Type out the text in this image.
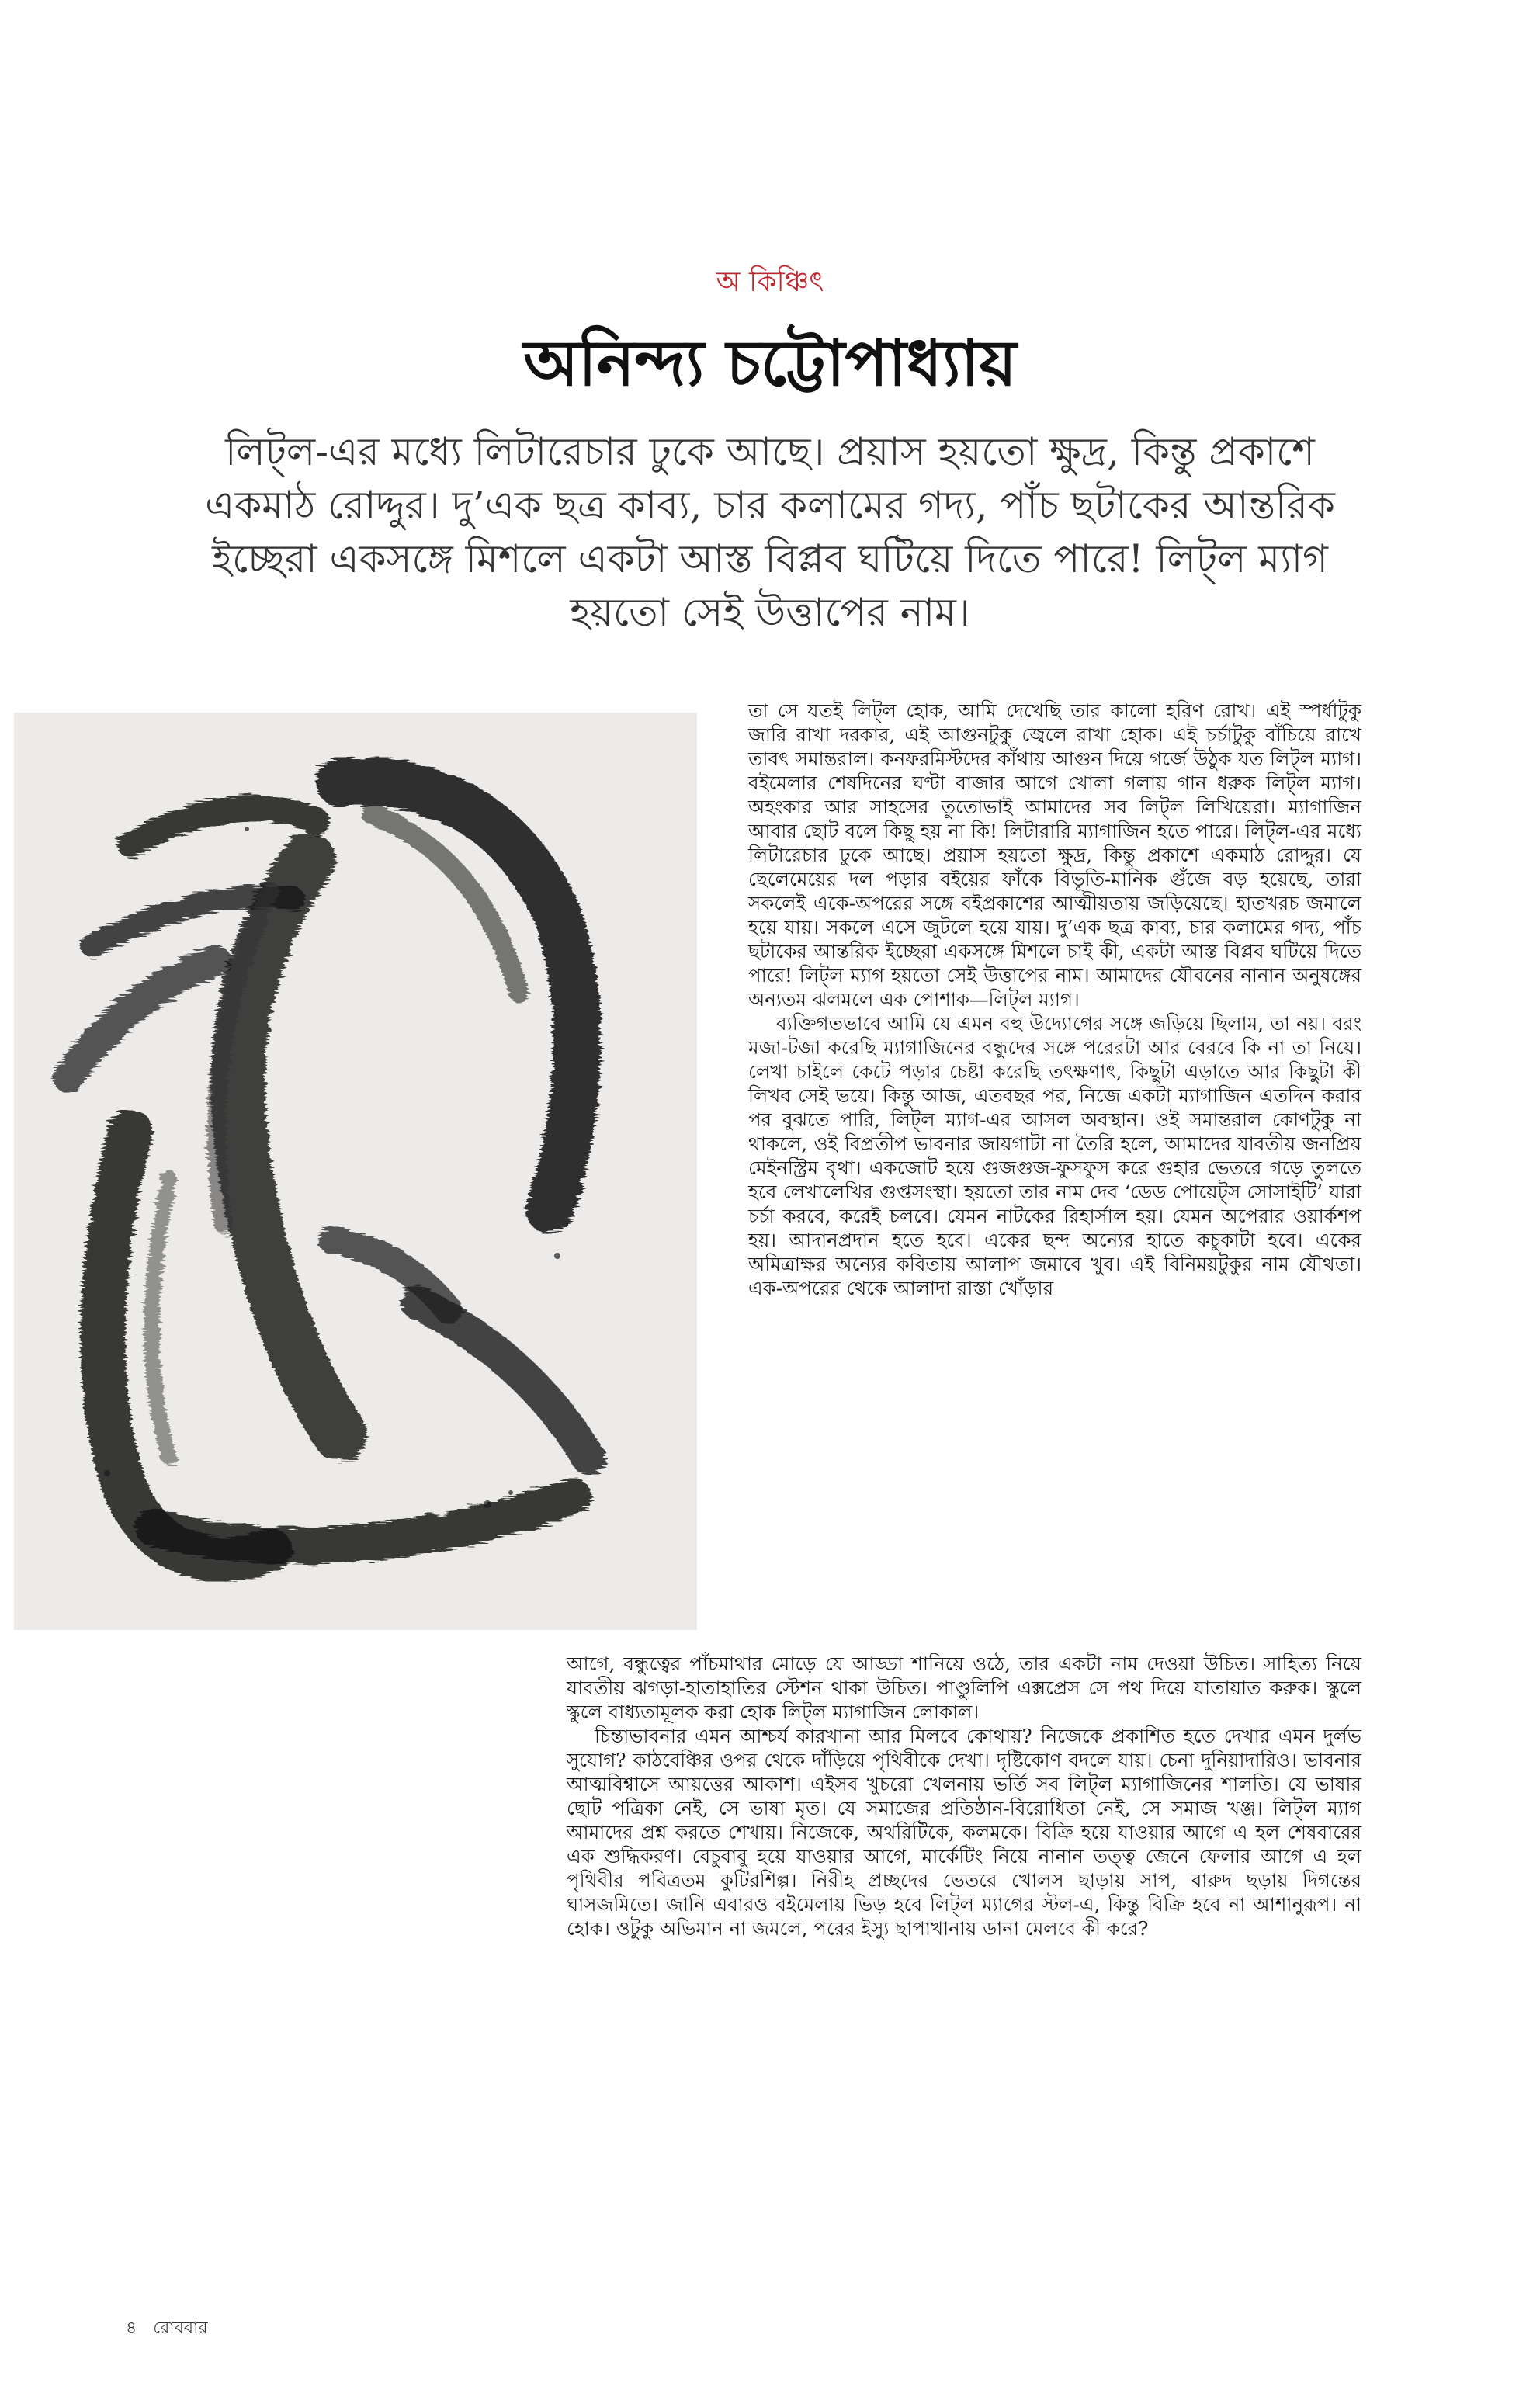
অ কিঞ্চিৎ
অনিন্দ্য চট্টোপাধ্যায়
লিট্‌ল-এর মধ্যে লিটারেচার ঢুকে আছে। প্রয়াস হয়তো ক্ষুদ্র, কিন্তু প্রকাশে একমাঠ রোদ্দুর। দু’এক ছত্র কাব্য, চার কলামের গদ্য, পাঁচ ছটাকের আন্তরিক ইচ্ছেরা একসঙ্গে মিশলে একটা আস্ত বিপ্লব ঘটিয়ে দিতে পারে! লিট্‌ল ম্যাগ হয়তো সেই উত্তাপের নাম।

তা সে যতই লিট্‌ল হোক, আমি দেখেছি তার কালো হরিণ রোখ। এই স্পর্ধাটুকু জারি রাখা দরকার, এই আগুনটুকু জ্বেলে রাখা হোক। এই চর্চাটুকু বাঁচিয়ে রাখে তাবৎ সমান্তরাল। কনফরমিস্টদের কাঁথায় আগুন দিয়ে গর্জে উঠুক যত লিট্‌ল ম্যাগ। বইমেলার শেষদিনের ঘণ্টা বাজার আগে খোলা গলায় গান ধরুক লিট্‌ল ম্যাগ। অহংকার আর সাহসের তুতোভাই আমাদের সব লিট্‌ল লিখিয়েরা। ম্যাগাজিন আবার ছোট বলে কিছু হয় না কি! লিটারারি ম্যাগাজিন হতে পারে। লিট্‌ল-এর মধ্যে লিটারেচার ঢুকে আছে। প্রয়াস হয়তো ক্ষুদ্র, কিন্তু প্রকাশে একমাঠ রোদ্দুর। যে ছেলেমেয়ের দল পড়ার বইয়ের ফাঁকে বিভূতি-মানিক গুঁজে বড় হয়েছে, তারা সকলেই একে-অপরের সঙ্গে বইপ্রকাশের আত্মীয়তায় জড়িয়েছে। হাতখরচ জমালে হয়ে যায়। সকলে এসে জুটলে হয়ে যায়। দু’এক ছত্র কাব্য, চার কলামের গদ্য, পাঁচ ছটাকের আন্তরিক ইচ্ছেরা একসঙ্গে মিশলে চাই কী, একটা আস্ত বিপ্লব ঘটিয়ে দিতে পারে! লিট্‌ল ম্যাগ হয়তো সেই উত্তাপের নাম। আমাদের যৌবনের নানান অনুষঙ্গের অন্যতম ঝলমলে এক পোশাক—লিট্‌ল ম্যাগ।

ব্যক্তিগতভাবে আমি যে এমন বহু উদ্যোগের সঙ্গে জড়িয়ে ছিলাম, তা নয়। বরং মজা-টজা করেছি ম্যাগাজিনের বন্ধুদের সঙ্গে পরেরটা আর বেরবে কি না তা নিয়ে। লেখা চাইলে কেটে পড়ার চেষ্টা করেছি তৎক্ষণাৎ, কিছুটা এড়াতে আর কিছুটা কী লিখব সেই ভয়ে। কিন্তু আজ, এতবছর পর, নিজে একটা ম্যাগাজিন এতদিন করার পর বুঝতে পারি, লিট্‌ল ম্যাগ-এর আসল অবস্থান। ওই সমান্তরাল কোণটুকু না থাকলে, ওই বিপ্রতীপ ভাবনার জায়গাটা না তৈরি হলে, আমাদের যাবতীয় জনপ্রিয় মেইনস্ট্রিম বৃথা। একজোট হয়ে গুজগুজ-ফুসফুস করে গুহার ভেতরে গড়ে তুলতে হবে লেখালেখির গুপ্তসংস্থা। হয়তো তার নাম দেব ‘ডেড পোয়েট্‌স সোসাইটি’ যারা চর্চা করবে, করেই চলবে। যেমন নাটকের রিহার্সাল হয়। যেমন অপেরার ওয়ার্কশপ হয়। আদানপ্রদান হতে হবে। একের ছন্দ অন্যের হাতে কচুকাটা হবে। একের অমিত্রাক্ষর অন্যের কবিতায় আলাপ জমাবে খুব। এই বিনিময়টুকুর নাম যৌথতা। এক-অপরের থেকে আলাদা রাস্তা খোঁড়ার

আগে, বন্ধুত্বের পাঁচমাথার মোড়ে যে আড্ডা শানিয়ে ওঠে, তার একটা নাম দেওয়া উচিত। সাহিত্য নিয়ে যাবতীয় ঝগড়া-হাতাহাতির স্টেশন থাকা উচিত। পাণ্ডুলিপি এক্সপ্রেস সে পথ দিয়ে যাতায়াত করুক। স্কুলে স্কুলে বাধ্যতামূলক করা হোক লিট্‌ল ম্যাগাজিন লোকাল।

চিন্তাভাবনার এমন আশ্চর্য কারখানা আর মিলবে কোথায়? নিজেকে প্রকাশিত হতে দেখার এমন দুর্লভ সুযোগ? কাঠবেঞ্চির ওপর থেকে দাঁড়িয়ে পৃথিবীকে দেখা। দৃষ্টিকোণ বদলে যায়। চেনা দুনিয়াদারিও। ভাবনার আত্মবিশ্বাসে আয়ত্তের আকাশ। এইসব খুচরো খেলনায় ভর্তি সব লিট্‌ল ম্যাগাজিনের শালতি। যে ভাষার ছোট পত্রিকা নেই, সে ভাষা মৃত। যে সমাজের প্রতিষ্ঠান-বিরোধিতা নেই, সে সমাজ খঞ্জ। লিট্‌ল ম্যাগ আমাদের প্রশ্ন করতে শেখায়। নিজেকে, অথরিটিকে, কলমকে। বিক্রি হয়ে যাওয়ার আগে এ হল শেষবারের এক শুদ্ধিকরণ। বেচুবাবু হয়ে যাওয়ার আগে, মার্কেটিং নিয়ে নানান তত্ত্ব জেনে ফেলার আগে এ হল পৃথিবীর পবিত্রতম কুটিরশিল্প। নিরীহ প্রচ্ছদের ভেতরে খোলস ছাড়ায় সাপ, বারুদ ছড়ায় দিগন্তের ঘাসজমিতে। জানি এবারও বইমেলায় ভিড় হবে লিট্‌ল ম্যাগের স্টল-এ, কিন্তু বিক্রি হবে না আশানুরূপ। না হোক। ওটুকু অভিমান না জমলে, পরের ইস্যু ছাপাখানায় ডানা মেলবে কী করে?

৪ রোববার
